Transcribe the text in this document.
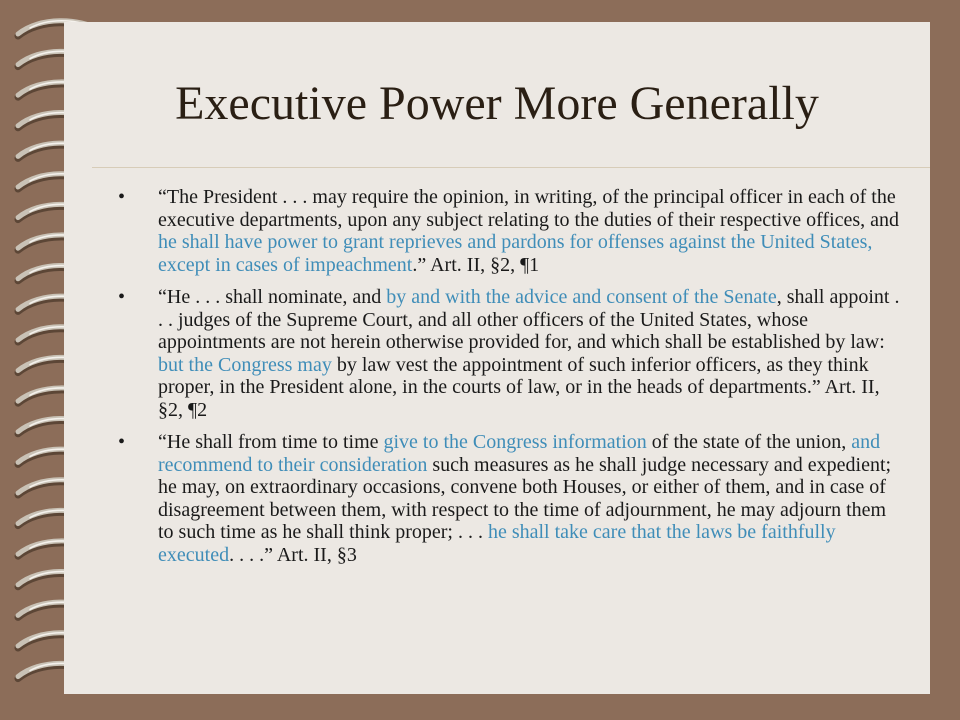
Executive Power More Generally
• “The President . . . may require the opinion, in writing, of the principal officer in each of the executive departments, upon any subject relating to the duties of their respective offices, and he shall have power to grant reprieves and pardons for offenses against the United States, except in cases of impeachment.” Art. II, §2, ¶1
• “He . . . shall nominate, and by and with the advice and consent of the Senate, shall appoint . . . judges of the Supreme Court, and all other officers of the United States, whose appointments are not herein otherwise provided for, and which shall be established by law: but the Congress may by law vest the appointment of such inferior officers, as they think proper, in the President alone, in the courts of law, or in the heads of departments.” Art. II, §2, ¶2
• “He shall from time to time give to the Congress information of the state of the union, and recommend to their consideration such measures as he shall judge necessary and expedient; he may, on extraordinary occasions, convene both Houses, or either of them, and in case of disagreement between them, with respect to the time of adjournment, he may adjourn them to such time as he shall think proper; . . . he shall take care that the laws be faithfully executed. . . .” Art. II, §3
